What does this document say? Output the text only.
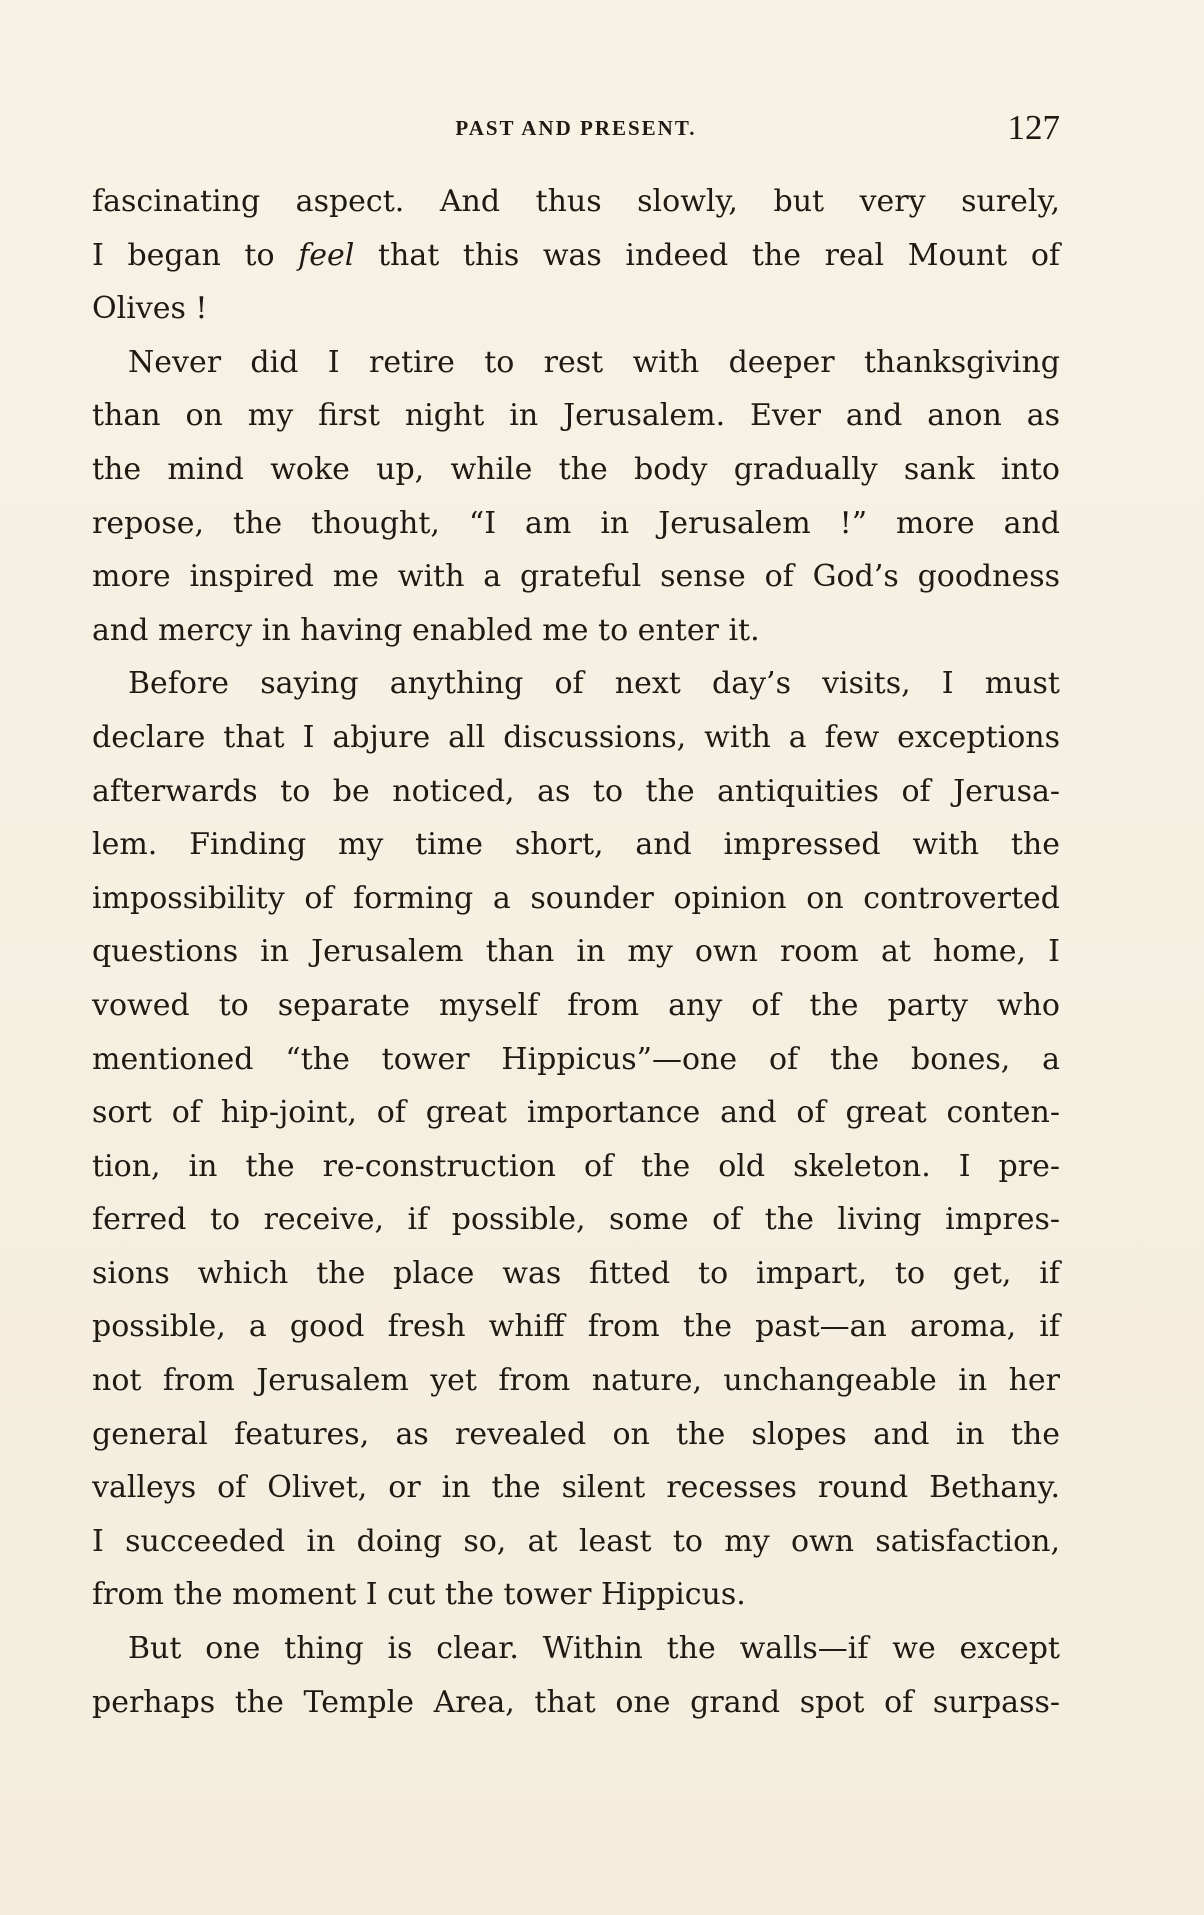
PAST AND PRESENT.	127
fascinating aspect. And thus slowly, but very surely,
I began to feel that this was indeed the real Mount of
Olives !
Never did I retire to rest with deeper thanksgiving
than on my first night in Jerusalem. Ever and anon as
the mind woke up, while the body gradually sank into
repose, the thought, “I am in Jerusalem !” more and
more inspired me with a grateful sense of God’s goodness
and mercy in having enabled me to enter it.
Before saying anything of next day’s visits, I must
declare that I abjure all discussions, with a few exceptions
afterwards to be noticed, as to the antiquities of Jerusa-
lem. Finding my time short, and impressed with the
impossibility of forming a sounder opinion on controverted
questions in Jerusalem than in my own room at home, I
vowed to separate myself from any of the party who
mentioned “the tower Hippicus”—one of the bones, a
sort of hip-joint, of great importance and of great conten-
tion, in the re-construction of the old skeleton. I pre-
ferred to receive, if possible, some of the living impres-
sions which the place was fitted to impart, to get, if
possible, a good fresh whiff from the past—an aroma, if
not from Jerusalem yet from nature, unchangeable in her
general features, as revealed on the slopes and in the
valleys of Olivet, or in the silent recesses round Bethany.
I succeeded in doing so, at least to my own satisfaction,
from the moment I cut the tower Hippicus.
But one thing is clear. Within the walls—if we except
perhaps the Temple Area, that one grand spot of surpass-
